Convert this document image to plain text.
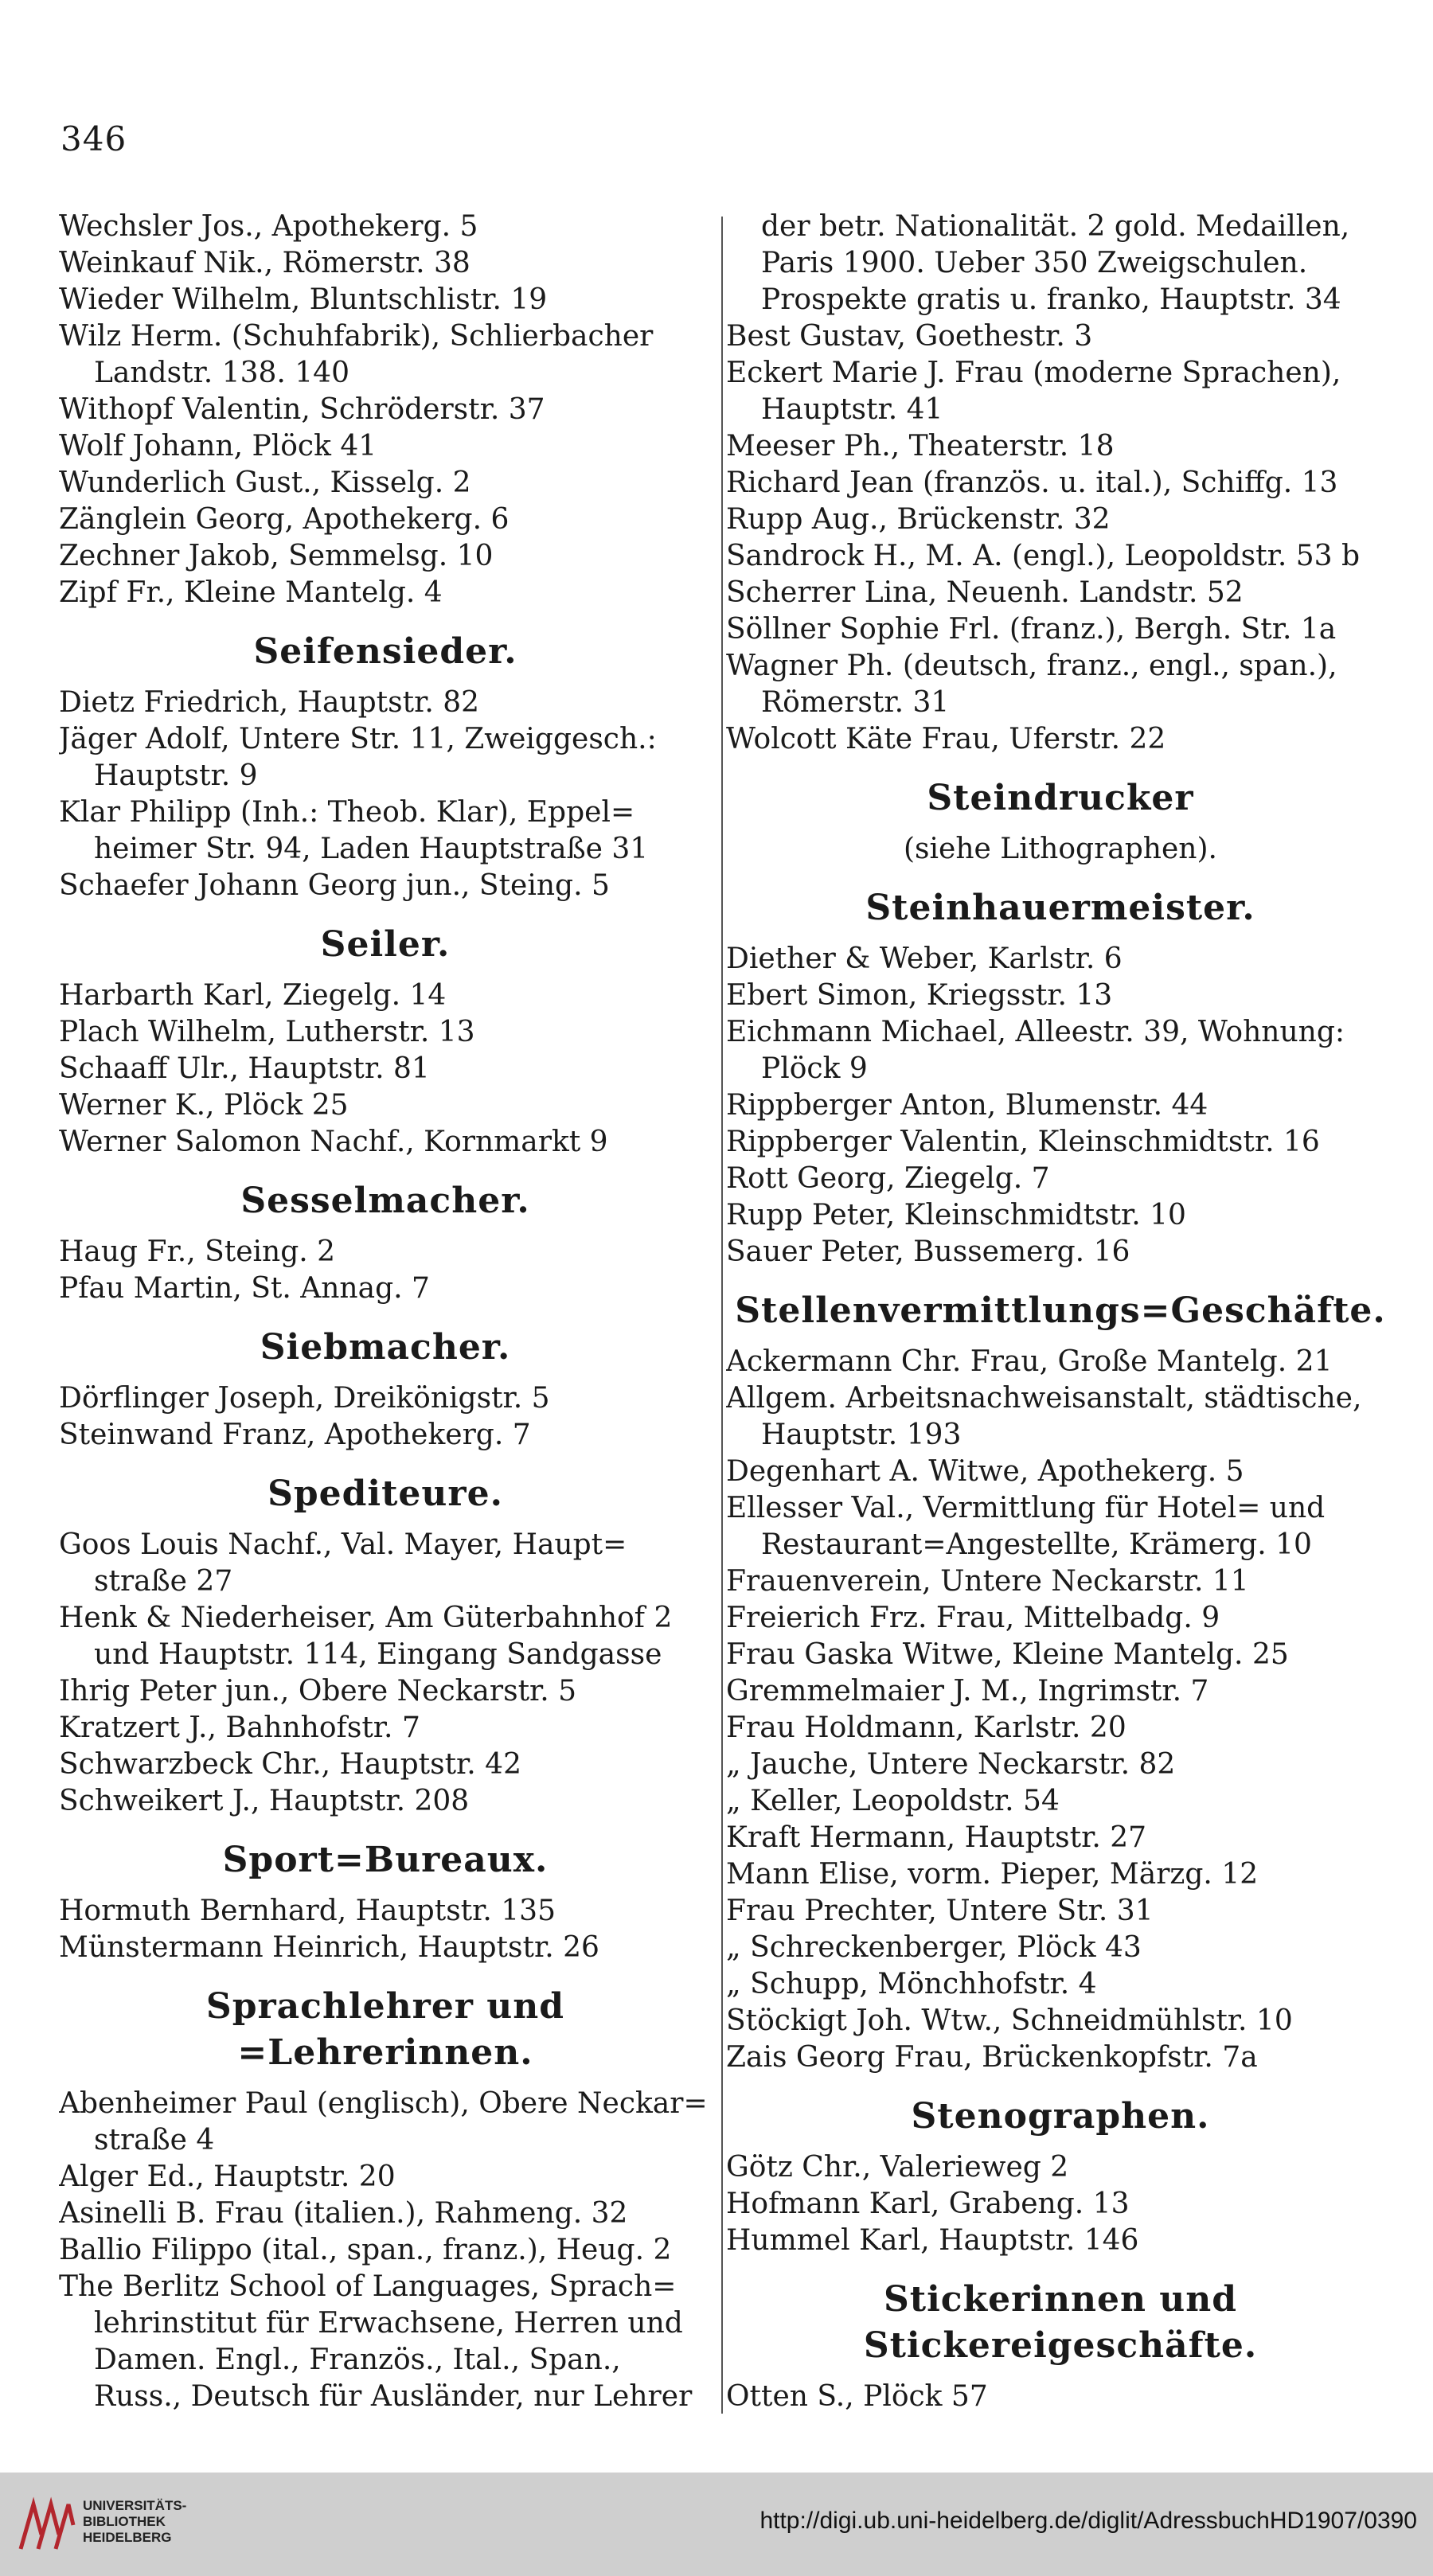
346
Wechsler Jos., Apothekerg. 5
Weinkauf Nik., Römerstr. 38
Wieder Wilhelm, Bluntschlistr. 19
Wilz Herm. (Schuhfabrik), Schlierbacher
Landstr. 138. 140
Withopf Valentin, Schröderstr. 37
Wolf Johann, Plöck 41
Wunderlich Gust., Kisselg. 2
Zänglein Georg, Apothekerg. 6
Zechner Jakob, Semmelsg. 10
Zipf Fr., Kleine Mantelg. 4
Seifensieder.
Dietz Friedrich, Hauptstr. 82
Jäger Adolf, Untere Str. 11, Zweiggesch.:
Hauptstr. 9
Klar Philipp (Inh.: Theob. Klar), Eppel=
heimer Str. 94, Laden Hauptstraße 31
Schaefer Johann Georg jun., Steing. 5
Seiler.
Harbarth Karl, Ziegelg. 14
Plach Wilhelm, Lutherstr. 13
Schaaff Ulr., Hauptstr. 81
Werner K., Plöck 25
Werner Salomon Nachf., Kornmarkt 9
Sesselmacher.
Haug Fr., Steing. 2
Pfau Martin, St. Annag. 7
Siebmacher.
Dörflinger Joseph, Dreikönigstr. 5
Steinwand Franz, Apothekerg. 7
Spediteure.
Goos Louis Nachf., Val. Mayer, Haupt=
straße 27
Henk & Niederheiser, Am Güterbahnhof 2
und Hauptstr. 114, Eingang Sandgasse
Ihrig Peter jun., Obere Neckarstr. 5
Kratzert J., Bahnhofstr. 7
Schwarzbeck Chr., Hauptstr. 42
Schweikert J., Hauptstr. 208
Sport=Bureaux.
Hormuth Bernhard, Hauptstr. 135
Münstermann Heinrich, Hauptstr. 26
Sprachlehrer und =Lehrerinnen.
Abenheimer Paul (englisch), Obere Neckar=
straße 4
Alger Ed., Hauptstr. 20
Asinelli B. Frau (italien.), Rahmeng. 32
Ballio Filippo (ital., span., franz.), Heug. 2
The Berlitz School of Languages, Sprach=
lehrinstitut für Erwachsene, Herren und
Damen. Engl., Französ., Ital., Span.,
Russ., Deutsch für Ausländer, nur Lehrer
der betr. Nationalität. 2 gold. Medaillen,
Paris 1900. Ueber 350 Zweigschulen.
Prospekte gratis u. franko, Hauptstr. 34
Best Gustav, Goethestr. 3
Eckert Marie J. Frau (moderne Sprachen),
Hauptstr. 41
Meeser Ph., Theaterstr. 18
Richard Jean (französ. u. ital.), Schiffg. 13
Rupp Aug., Brückenstr. 32
Sandrock H., M. A. (engl.), Leopoldstr. 53 b
Scherrer Lina, Neuenh. Landstr. 52
Söllner Sophie Frl. (franz.), Bergh. Str. 1a
Wagner Ph. (deutsch, franz., engl., span.),
Römerstr. 31
Wolcott Käte Frau, Uferstr. 22
Steindrucker
(siehe Lithographen).
Steinhauermeister.
Diether & Weber, Karlstr. 6
Ebert Simon, Kriegsstr. 13
Eichmann Michael, Alleestr. 39, Wohnung:
Plöck 9
Rippberger Anton, Blumenstr. 44
Rippberger Valentin, Kleinschmidtstr. 16
Rott Georg, Ziegelg. 7
Rupp Peter, Kleinschmidtstr. 10
Sauer Peter, Bussemerg. 16
Stellenvermittlungs=Geschäfte.
Ackermann Chr. Frau, Große Mantelg. 21
Allgem. Arbeitsnachweisanstalt, städtische,
Hauptstr. 193
Degenhart A. Witwe, Apothekerg. 5
Ellesser Val., Vermittlung für Hotel= und
Restaurant=Angestellte, Krämerg. 10
Frauenverein, Untere Neckarstr. 11
Freierich Frz. Frau, Mittelbadg. 9
Frau Gaska Witwe, Kleine Mantelg. 25
Gremmelmaier J. M., Ingrimstr. 7
Frau Holdmann, Karlstr. 20
„ Jauche, Untere Neckarstr. 82
„ Keller, Leopoldstr. 54
Kraft Hermann, Hauptstr. 27
Mann Elise, vorm. Pieper, Märzg. 12
Frau Prechter, Untere Str. 31
„ Schreckenberger, Plöck 43
„ Schupp, Mönchhofstr. 4
Stöckigt Joh. Wtw., Schneidmühlstr. 10
Zais Georg Frau, Brückenkopfstr. 7a
Stenographen.
Götz Chr., Valerieweg 2
Hofmann Karl, Grabeng. 13
Hummel Karl, Hauptstr. 146
Stickerinnen und Stickereigeschäfte.
Otten S., Plöck 57
UNIVERSITÄTS-
BIBLIOTHEK
HEIDELBERG
http://digi.ub.uni-heidelberg.de/diglit/AdressbuchHD1907/0390
